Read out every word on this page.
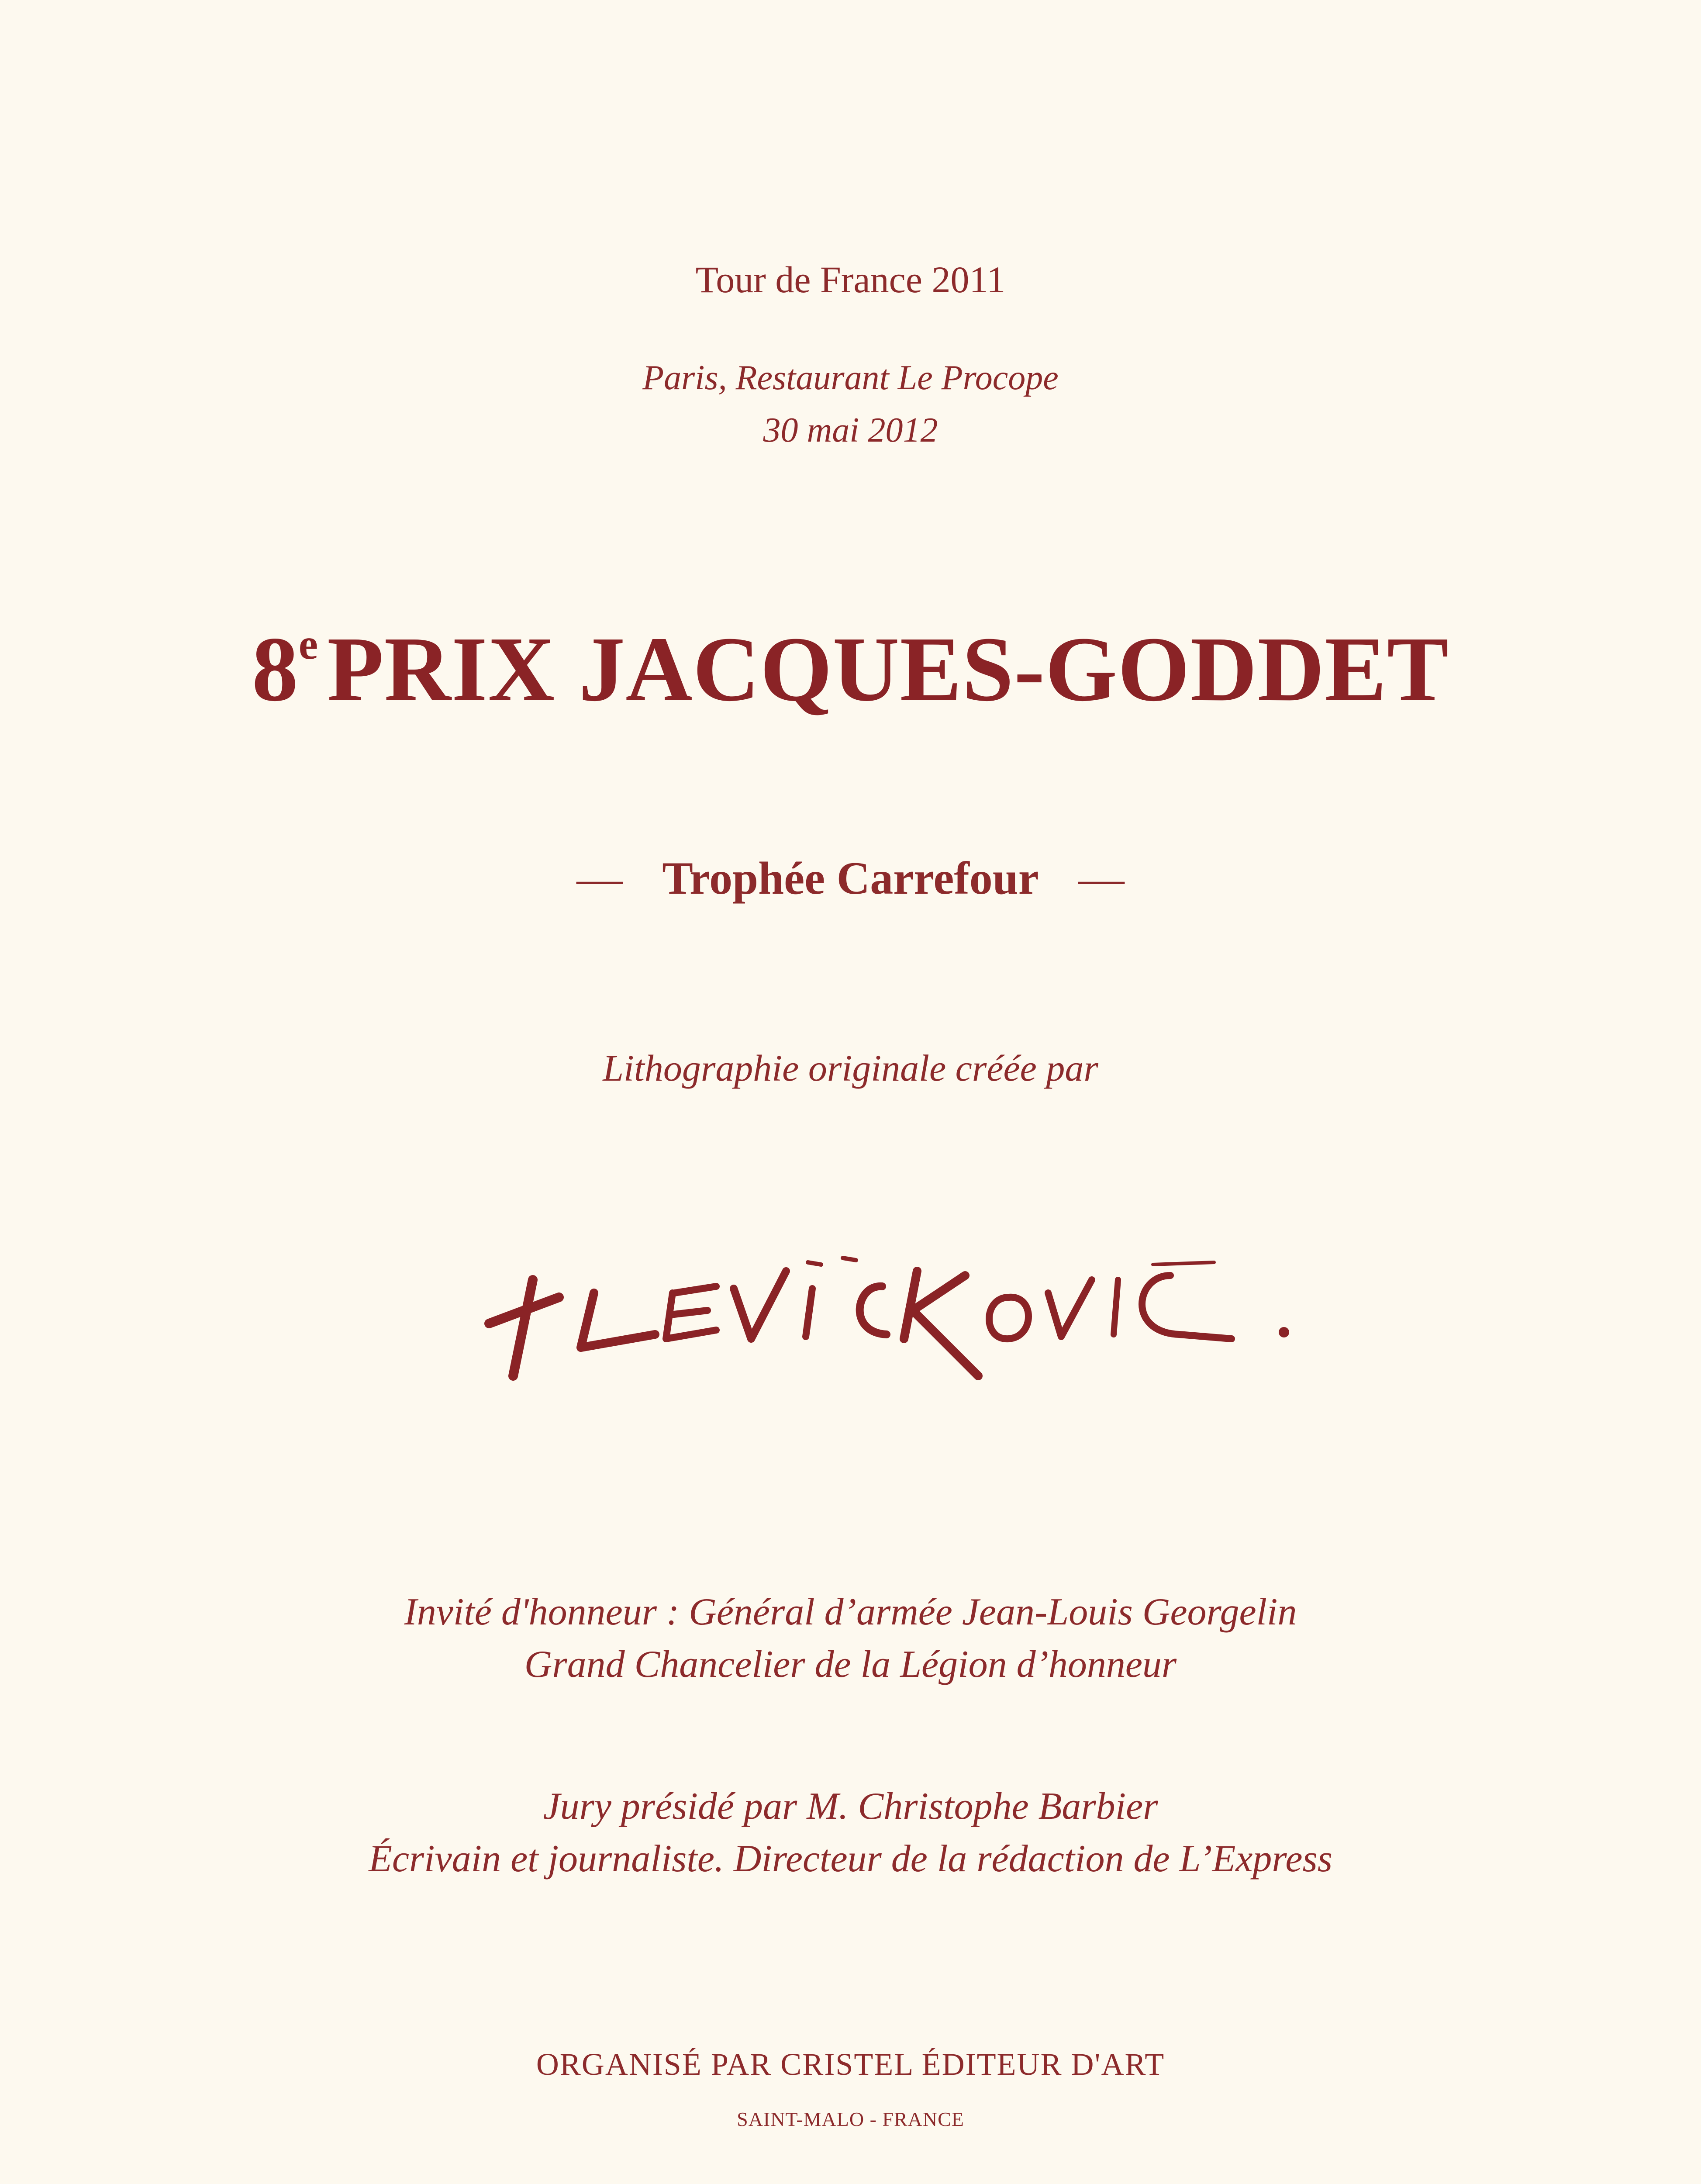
Tour de France 2011
Paris, Restaurant Le Procope
30 mai 2012
8ePRIX JACQUES-GODDET
— Trophée Carrefour —
Lithographie originale créée par
Invité d'honneur : Général d’armée Jean-Louis Georgelin
Grand Chancelier de la Légion d’honneur
Jury présidé par M. Christophe Barbier
Écrivain et journaliste. Directeur de la rédaction de L’Express
ORGANISÉ PAR CRISTEL ÉDITEUR D'ART
SAINT-MALO - FRANCE
